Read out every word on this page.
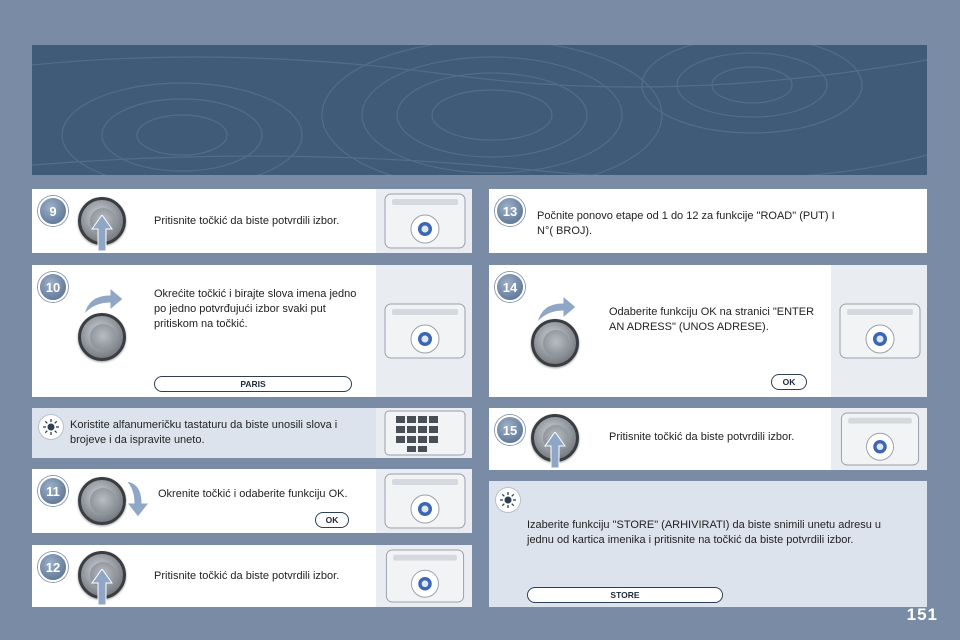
9
Pritisnite točkić da biste potvrdili izbor.
10	Okrećite točkić i birajte slova imena jedno po jedno potvrđujući izbor svaki put pritiskom na točkić.
PARIS
Koristite alfanumeričku tastaturu da biste unosili slova i brojeve i da ispravite uneto.
11	Okrenite točkić i odaberite funkciju OK.
OK
12
Pritisnite točkić da biste potvrdili izbor.
13	Počnite ponovo etape od 1 do 12 za funkcije "ROAD" (PUT) I N°( BROJ).
14
Odaberite funkciju OK na stranici "ENTER AN ADRESS" (UNOS ADRESE).
OK
15	Pritisnite točkić da biste potvrdili izbor.
Izaberite funkciju "STORE" (ARHIVIRATI) da biste snimili unetu adresu u jednu od kartica imenika i pritisnite na točkić da biste potvrdili izbor.
STORE
151
